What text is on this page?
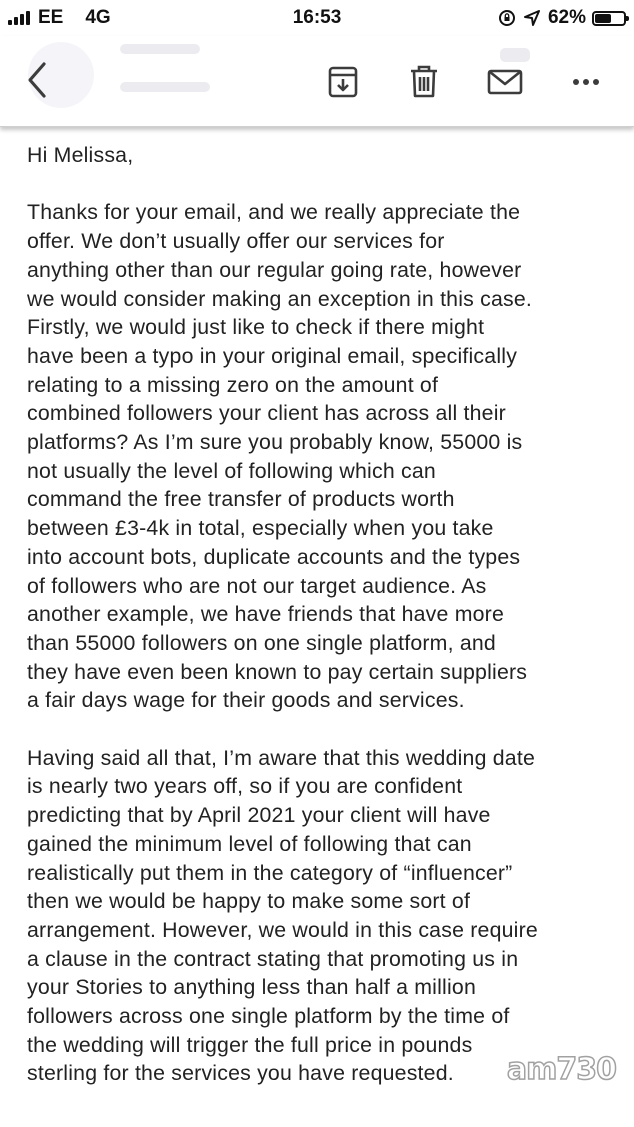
EE 4G	16:53	62%

Hi Melissa,

Thanks for your email, and we really appreciate the
offer. We don’t usually offer our services for
anything other than our regular going rate, however
we would consider making an exception in this case.
Firstly, we would just like to check if there might
have been a typo in your original email, specifically
relating to a missing zero on the amount of
combined followers your client has across all their
platforms? As I’m sure you probably know, 55000 is
not usually the level of following which can
command the free transfer of products worth
between £3-4k in total, especially when you take
into account bots, duplicate accounts and the types
of followers who are not our target audience. As
another example, we have friends that have more
than 55000 followers on one single platform, and
they have even been known to pay certain suppliers
a fair days wage for their goods and services.

Having said all that, I’m aware that this wedding date
is nearly two years off, so if you are confident
predicting that by April 2021 your client will have
gained the minimum level of following that can
realistically put them in the category of “influencer”
then we would be happy to make some sort of
arrangement. However, we would in this case require
a clause in the contract stating that promoting us in
your Stories to anything less than half a million
followers across one single platform by the time of
the wedding will trigger the full price in pounds
sterling for the services you have requested.	am730
